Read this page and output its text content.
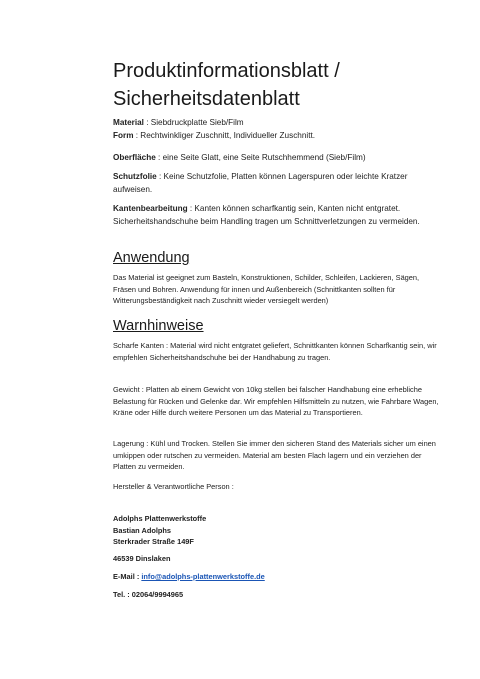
Produktinformationsblatt /
Sicherheitsdatenblatt

Material : Siebdruckplatte Sieb/Film
Form : Rechtwinkliger Zuschnitt, Individueller Zuschnitt.

Oberfläche : eine Seite Glatt, eine Seite Rutschhemmend (Sieb/Film)

Schutzfolie : Keine Schutzfolie, Platten können Lagerspuren oder leichte Kratzer aufweisen.

Kantenbearbeitung : Kanten können scharfkantig sein, Kanten nicht entgratet. Sicherheitshandschuhe beim Handling tragen um Schnittverletzungen zu vermeiden.

Anwendung

Das Material ist geeignet zum Basteln, Konstruktionen, Schilder, Schleifen, Lackieren, Sägen, Fräsen und Bohren. Anwendung für innen und Außenbereich (Schnittkanten sollten für Witterungsbeständigkeit nach Zuschnitt wieder versiegelt werden)

Warnhinweise

Scharfe Kanten : Material wird nicht entgratet geliefert, Schnittkanten können Scharfkantig sein, wir empfehlen Sicherheitshandschuhe bei der Handhabung zu tragen.

Gewicht : Platten ab einem Gewicht von 10kg stellen bei falscher Handhabung eine erhebliche Belastung für Rücken und Gelenke dar. Wir empfehlen Hilfsmitteln zu nutzen, wie Fahrbare Wagen, Kräne oder Hilfe durch weitere Personen um das Material zu Transportieren.

Lagerung : Kühl und Trocken. Stellen Sie immer den sicheren Stand des Materials sicher um einen umkippen oder rutschen zu vermeiden. Material am besten Flach lagern und ein verziehen der Platten zu vermeiden.

Hersteller & Verantwortliche Person :

Adolphs Plattenwerkstoffe
Bastian Adolphs
Sterkrader Straße 149F

46539 Dinslaken

E-Mail : info@adolphs-plattenwerkstoffe.de

Tel. : 02064/9994965
